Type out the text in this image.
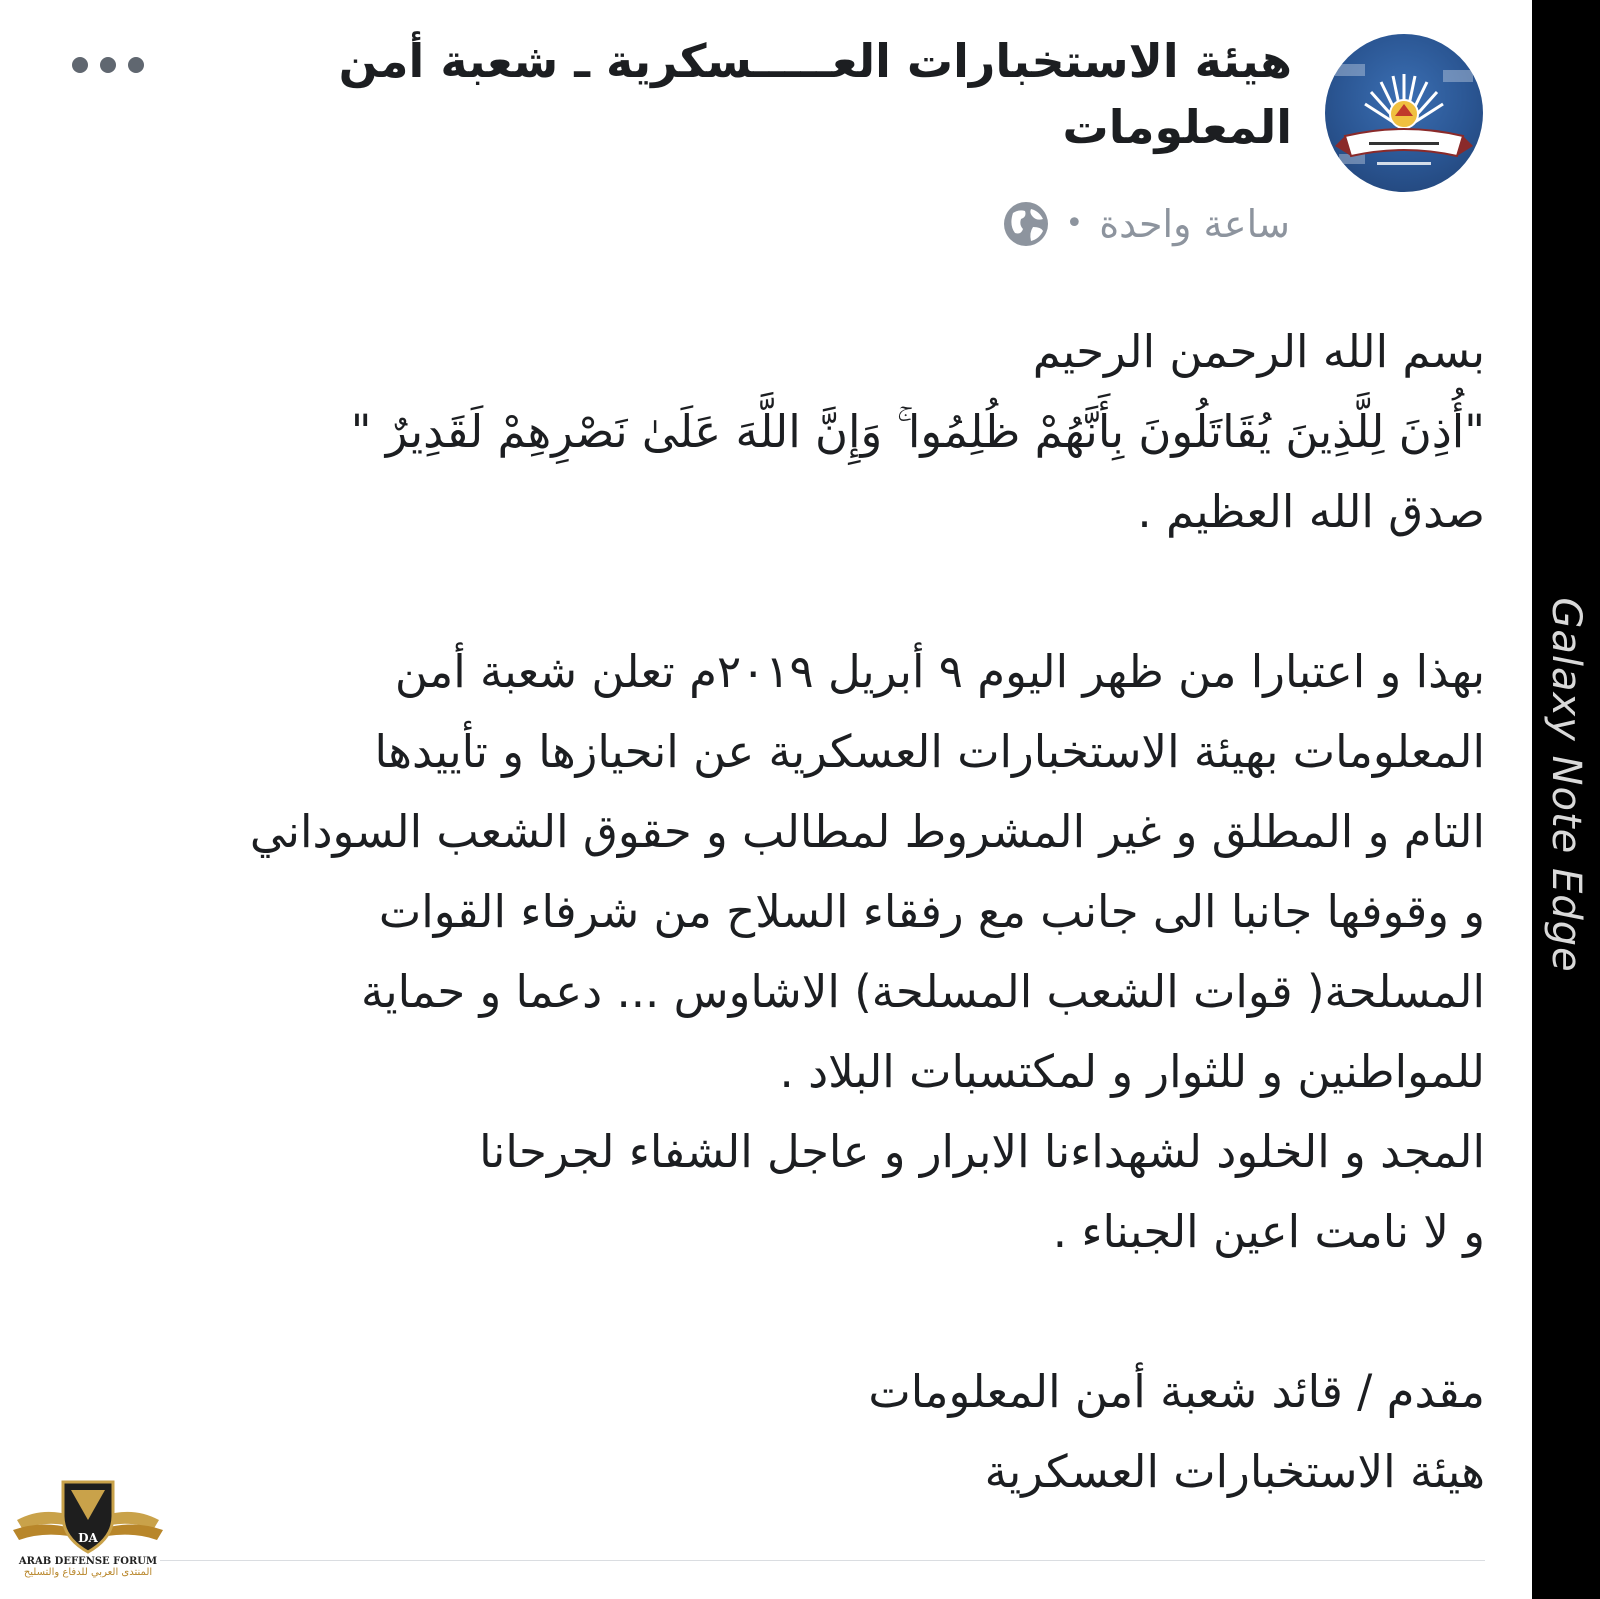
Galaxy Note Edge
هيئة الاستخبارات العـــــسكرية ـ شعبة أمن المعلومات
ساعة واحدة
•
بسم الله الرحمن الرحيم
"أُذِنَ لِلَّذِينَ يُقَاتَلُونَ بِأَنَّهُمْ ظُلِمُوا ۚ وَإِنَّ اللَّهَ عَلَىٰ نَصْرِهِمْ لَقَدِيرٌ "
صدق الله العظيم .
بهذا و اعتبارا من ظهر اليوم ٩ أبريل ٢٠١٩م تعلن شعبة أمن
المعلومات بهيئة الاستخبارات العسكرية عن انحيازها و تأييدها
التام و المطلق و غير المشروط لمطالب و حقوق الشعب السوداني
و وقوفها جانبا الى جانب مع رفقاء السلاح من شرفاء القوات
المسلحة( قوات الشعب المسلحة) الاشاوس ... دعما و حماية
للمواطنين و للثوار و لمكتسبات البلاد .
المجد و الخلود لشهداءنا الابرار و عاجل الشفاء لجرحانا
و لا نامت اعين الجبناء .
مقدم / قائد شعبة أمن المعلومات
هيئة الاستخبارات العسكرية
DA
ARAB DEFENSE FORUM
المنتدى العربي للدفاع والتسليح
